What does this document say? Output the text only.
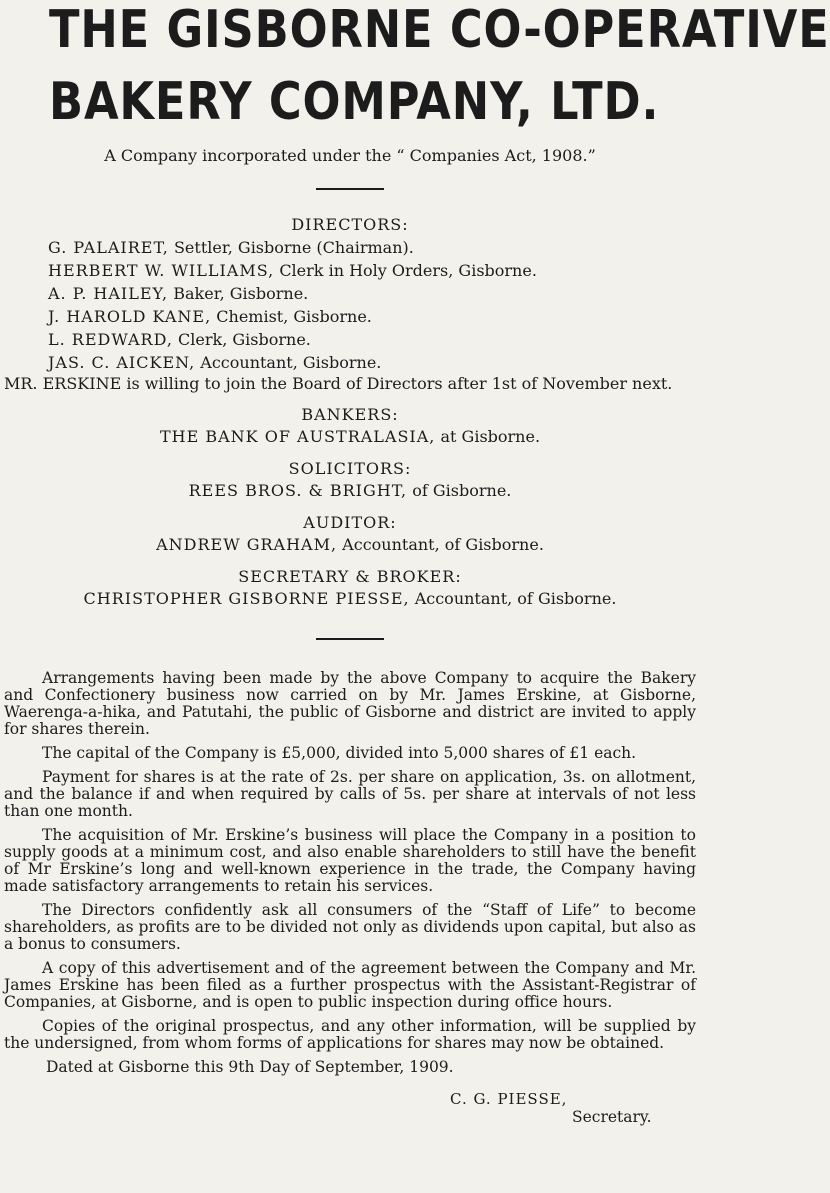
THE GISBORNE CO-OPERATIVE
BAKERY COMPANY, LTD.
A Company incorporated under the “ Companies Act, 1908.”
DIRECTORS:
G. PALAIRET, Settler, Gisborne (Chairman).
HERBERT W. WILLIAMS, Clerk in Holy Orders, Gisborne.
A. P. HAILEY, Baker, Gisborne.
J. HAROLD KANE, Chemist, Gisborne.
L. REDWARD, Clerk, Gisborne.
JAS. C. AICKEN, Accountant, Gisborne.
MR. ERSKINE is willing to join the Board of Directors after 1st of November next.
BANKERS:
THE BANK OF AUSTRALASIA, at Gisborne.
SOLICITORS:
REES BROS. & BRIGHT, of Gisborne.
AUDITOR:
ANDREW GRAHAM, Accountant, of Gisborne.
SECRETARY & BROKER:
CHRISTOPHER GISBORNE PIESSE, Accountant, of Gisborne.

Arrangements having been made by the above Company to acquire the Bakery and Confectionery business now carried on by Mr. James Erskine, at Gisborne, Waerenga-a-hika, and Patutahi, the public of Gisborne and district are invited to apply for shares therein.

The capital of the Company is £5,000, divided into 5,000 shares of £1 each.

Payment for shares is at the rate of 2s. per share on application, 3s. on allotment, and the balance if and when required by calls of 5s. per share at intervals of not less than one month.

The acquisition of Mr. Erskine’s business will place the Company in a position to supply goods at a minimum cost, and also enable shareholders to still have the benefit of Mr Erskine’s long and well-known experience in the trade, the Company having made satisfactory arrangements to retain his services.

The Directors confidently ask all consumers of the “Staff of Life” to become shareholders, as profits are to be divided not only as dividends upon capital, but also as a bonus to consumers.

A copy of this advertisement and of the agreement between the Company and Mr. James Erskine has been filed as a further prospectus with the Assistant-Registrar of Companies, at Gisborne, and is open to public inspection during office hours.

Copies of the original prospectus, and any other information, will be supplied by the undersigned, from whom forms of applications for shares may now be obtained.

Dated at Gisborne this 9th Day of September, 1909.
C. G. PIESSE,
Secretary.
